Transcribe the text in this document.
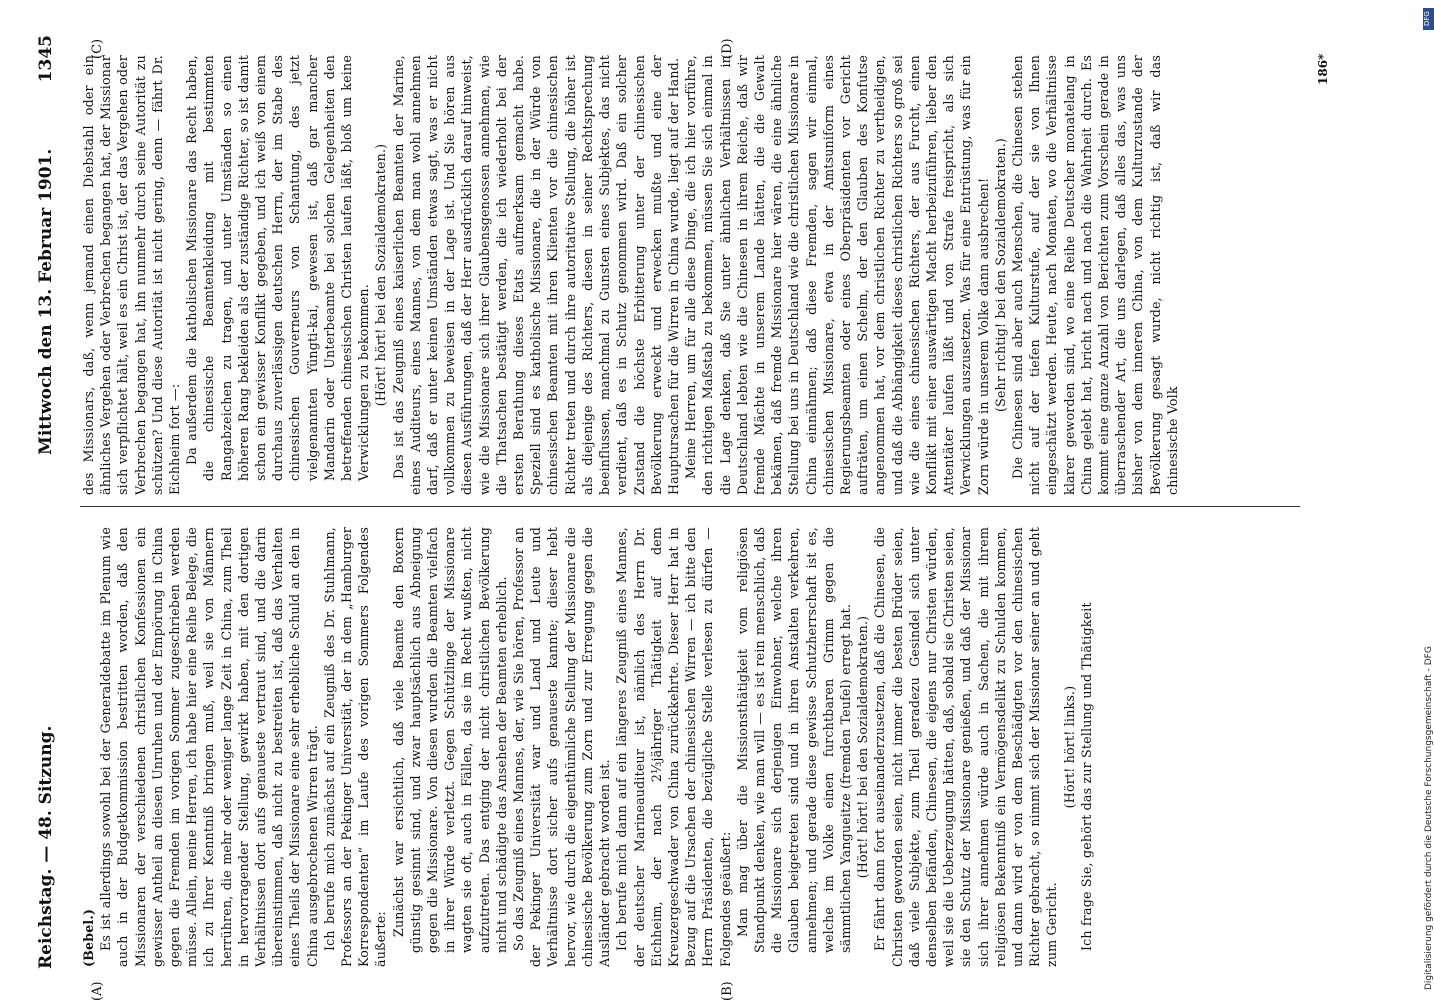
Reichstag. — 48. Sitzung.
Mittwoch den 13. Februar 1901.
1345
(A)	(B)
(C)	(D)

(Bebel.) Es ist allerdings sowohl bei der Generaldebatte im Plenum wie auch in der Budgetkommission bestritten worden, daß den Missionaren der verschiedenen christlichen Konfessionen ein gewisser Antheil an diesen Unruhen und der Empörung in China gegen die Fremden im vorigen Sommer zugeschrieben werden müsse. Allein, meine Herren, ich habe hier eine Reihe Belege, die ich zu Ihrer Kenntniß bringen muß, weil sie von Männern herrühren, die mehr oder weniger lange Zeit in China, zum Theil in hervorragender Stellung, gewirkt haben, mit den dortigen Verhältnissen dort aufs genaueste vertraut sind, und die darin übereinstimmen, daß nicht zu bestreiten ist, daß das Verhalten eines Theils der Missionare eine sehr erhebliche Schuld an den in China ausgebrochenen Wirren trägt. Ich berufe mich zunächst auf ein Zeugniß des Dr. Stuhlmann, Professors an der Pekinger Universität, der in dem „Hamburger Korrespondenten“ im Laufe des vorigen Sommers Folgendes äußerte:

Zunächst war ersichtlich, daß viele Beamte den Boxern günstig gesinnt sind, und zwar hauptsächlich aus Abneigung gegen die Missionare. Von diesen wurden die Beamten vielfach in ihrer Würde verletzt. Gegen Schützlinge der Missionare wagten sie oft, auch in Fällen, da sie im Recht wußten, nicht aufzutreten. Das entging der nicht christlichen Bevölkerung nicht und schädigte das Ansehen der Beamten erheblich. So das Zeugniß eines Mannes, der, wie Sie hören, Professor an der Pekinger Universität war und Land und Leute und Verhältnisse dort sicher aufs genaueste kannte; dieser hebt hervor, wie durch die eigenthümliche Stellung der Missionare die chinesische Bevölkerung zum Zorn und zur Erregung gegen die Ausländer gebracht worden ist. Ich berufe mich dann auf ein längeres Zeugniß eines Mannes, der deutscher Marineauditeur ist, nämlich des Herrn Dr. Eichheim, der nach 2⅓jähriger Thätigkeit auf dem Kreuzergeschwader von China zurückkehrte. Dieser Herr hat in Bezug auf die Ursachen der chinesischen Wirren — ich bitte den Herrn Präsidenten, die bezügliche Stelle verlesen zu dürfen — Folgendes geäußert: Man mag über die Missionsthätigkeit vom religiösen Standpunkt denken, wie man will — es ist rein menschlich, daß die Missionare sich derjenigen Einwohner, welche ihren Glauben beigetreten sind und in ihren Anstalten verkehren, annehmen; und gerade diese gewisse Schutzherrschaft ist es, welche im Volke einen furchtbaren Grimm gegen die sämmtlichen Yangueitze (fremden Teufel) erregt hat. (Hört! hört! bei den Sozialdemokraten.) Er fährt dann fort auseinanderzusetzen, daß die Chinesen, die Christen geworden seien, nicht immer die besten Brüder seien, daß viele Subjekte, zum Theil geradezu Gesindel sich unter denselben befänden, Chinesen, die eigens nur Christen würden, weil sie die Ueberzeugung hätten, daß, sobald sie Christen seien, sie den Schutz der Missionare genießen, und daß der Missionar sich ihrer annehmen würde auch in Sachen, die mit ihrem religiösen Bekenntniß ein Vermögensdelikt zu Schulden kommen, und dann wird er von dem Beschädigten vor den chinesischen Richter gebracht, so nimmt sich der Missionar seiner an und geht zum Gericht.

(Hört! hört! links.) Ich frage Sie, gehört das zur Stellung und Thätigkeit

des Missionars, daß, wenn jemand einen Diebstahl oder ein ähnliches Vergehen oder Verbrechen begangen hat, der Missionar sich verpflichtet hält, weil es ein Christ ist, der das Vergehen oder Verbrechen begangen hat, ihn nunmehr durch seine Autorität zu schützen? Und diese Autorität ist nicht gering, denn — fährt Dr. Eichheim fort —: Da außerdem die katholischen Missionare das Recht haben, die chinesische Beamtenkleidung mit bestimmten Rangabzeichen zu tragen, und unter Umständen so einen höheren Rang bekleiden als der zuständige Richter, so ist damit schon ein gewisser Konflikt gegeben, und ich weiß von einem durchaus zuverlässigen deutschen Herrn, der im Stabe des chinesischen Gouverneurs von Schantung, des jetzt vielgenannten Yüngti-kai, gewesen ist, daß gar mancher Mandarin oder Unterbeamte bei solchen Gelegenheiten den betreffenden chinesischen Christen laufen läßt, bloß um keine Verwicklungen zu bekommen. (Hört! hört! bei den Sozialdemokraten.) Das ist das Zeugniß eines kaiserlichen Beamten der Marine, eines Auditeurs, eines Mannes, von dem man wohl annehmen darf, daß er unter keinen Umständen etwas sagt, was er nicht vollkommen zu beweisen in der Lage ist. Und Sie hören aus diesen Ausführungen, daß der Herr ausdrücklich darauf hinweist, wie die Missionare sich ihrer Glaubensgenossen annehmen, wie die Thatsachen bestätigt werden, die ich wiederholt bei der ersten Berathung dieses Etats aufmerksam gemacht habe. Speziell sind es katholische Missionare, die in der Würde von chinesischen Beamten mit ihren Klienten vor die chinesischen Richter treten und durch ihre autoritative Stellung, die höher ist als diejenige des Richters, diesen in seiner Rechtsprechung beeinflussen, manchmal zu Gunsten eines Subjektes, das nicht verdient, daß es in Schutz genommen wird. Daß ein solcher Zustand die höchste Erbitterung unter der chinesischen Bevölkerung erweckt und erwecken mußte und eine der Hauptursachen für die Wirren in China wurde, liegt auf der Hand. Meine Herren, um für alle diese Dinge, die ich hier vorführe, den richtigen Maßstab zu bekommen, müssen Sie sich einmal in die Lage denken, daß Sie unter ähnlichen Verhältnissen in Deutschland lebten wie die Chinesen in ihrem Reiche, daß wir fremde Mächte in unserem Lande hätten, die die Gewalt bekämen, daß fremde Missionare hier wären, die eine ähnliche Stellung bei uns in Deutschland wie die christlichen Missionare in China einnähmen; daß diese Fremden, sagen wir einmal, chinesischen Missionare, etwa in der Amtsuniform eines Regierungsbeamten oder eines Oberpräsidenten vor Gericht aufträten, um einen Schelm, der den Glauben des Konfutse angenommen hat, vor dem christlichen Richter zu vertheidigen, und daß die Abhängigkeit dieses christlichen Richters so groß sei wie die eines chinesischen Richters, der aus Furcht, einen Konflikt mit einer auswärtigen Macht herbeizuführen, lieber den Attentäter laufen läßt und von Strafe freispricht, als sich Verwicklungen auszusetzen. Was für eine Entrüstung, was für ein Zorn würde in unserem Volke dann ausbrechen! (Sehr richtig! bei den Sozialdemokraten.) Die Chinesen sind aber auch Menschen, die Chinesen stehen nicht auf der tiefen Kulturstufe, auf der sie von Ihnen eingeschätzt werden. Heute, nach Monaten, wo die Verhältnisse klarer geworden sind, wo eine Reihe Deutscher monatelang in China gelebt hat, bricht nach und nach die Wahrheit durch. Es kommt eine ganze Anzahl von Berichten zum Vorschein gerade in überraschender Art, die uns darlegen, daß alles das, was uns bisher von dem inneren China, von dem Kulturzustande der Bevölkerung gesagt wurde, nicht richtig ist, daß wir das chinesische Volk

186*
DFG
Digitalisierung gefördert durch die Deutsche Forschungsgemeinschaft - DFG
